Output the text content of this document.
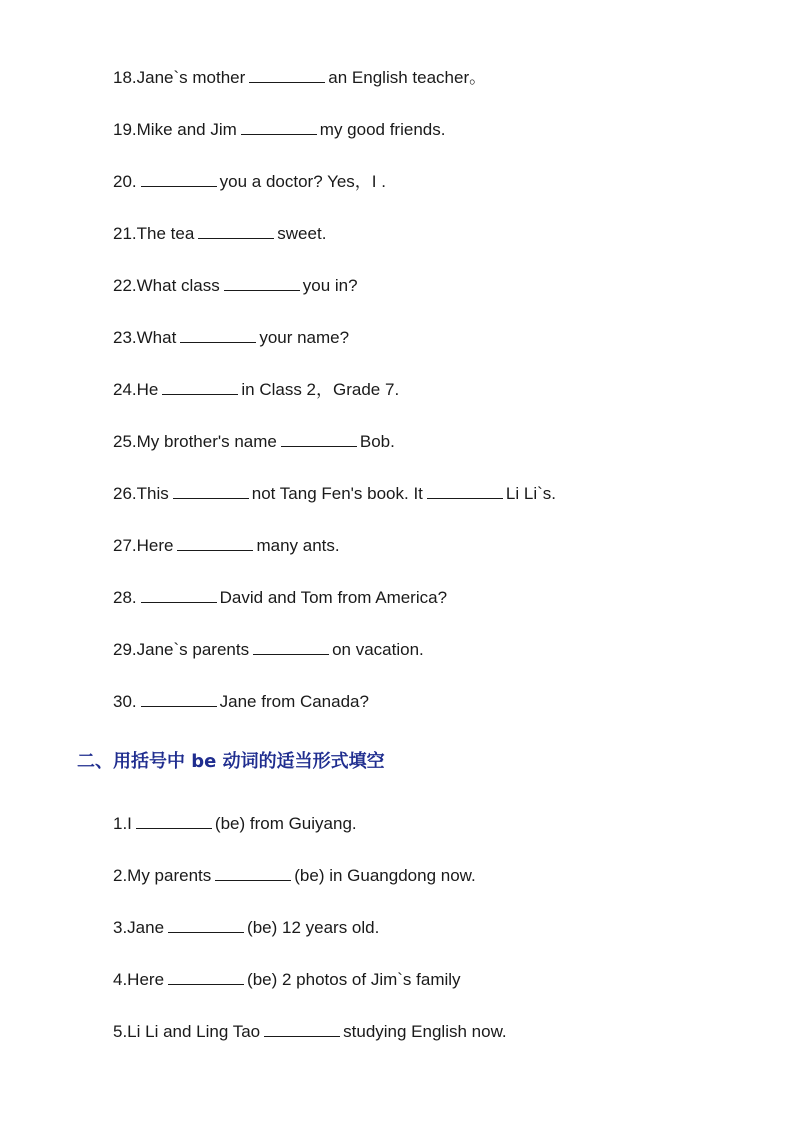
18.Jane`s mother	an English teacher。
19.Mike and Jim	my good friends.
20.	you a doctor? Yes，I .
21.The tea	sweet.
22.What class	you in?
23.What	your name?
24.He	in Class 2，Grade 7.
25.My brother's name	Bob.
26.This	not Tang Fen's book. It	Li Li`s.
27.Here	many ants.
28.	David and Tom from America?
29.Jane`s parents	on vacation.
30.	Jane from Canada?
二、用括号中 be 动词的适当形式填空
1.I	(be) from Guiyang.
2.My parents	(be) in Guangdong now.
3.Jane	(be) 12 years old.
4.Here	(be) 2 photos of Jim`s family
5.Li Li and Ling Tao	studying English now.
